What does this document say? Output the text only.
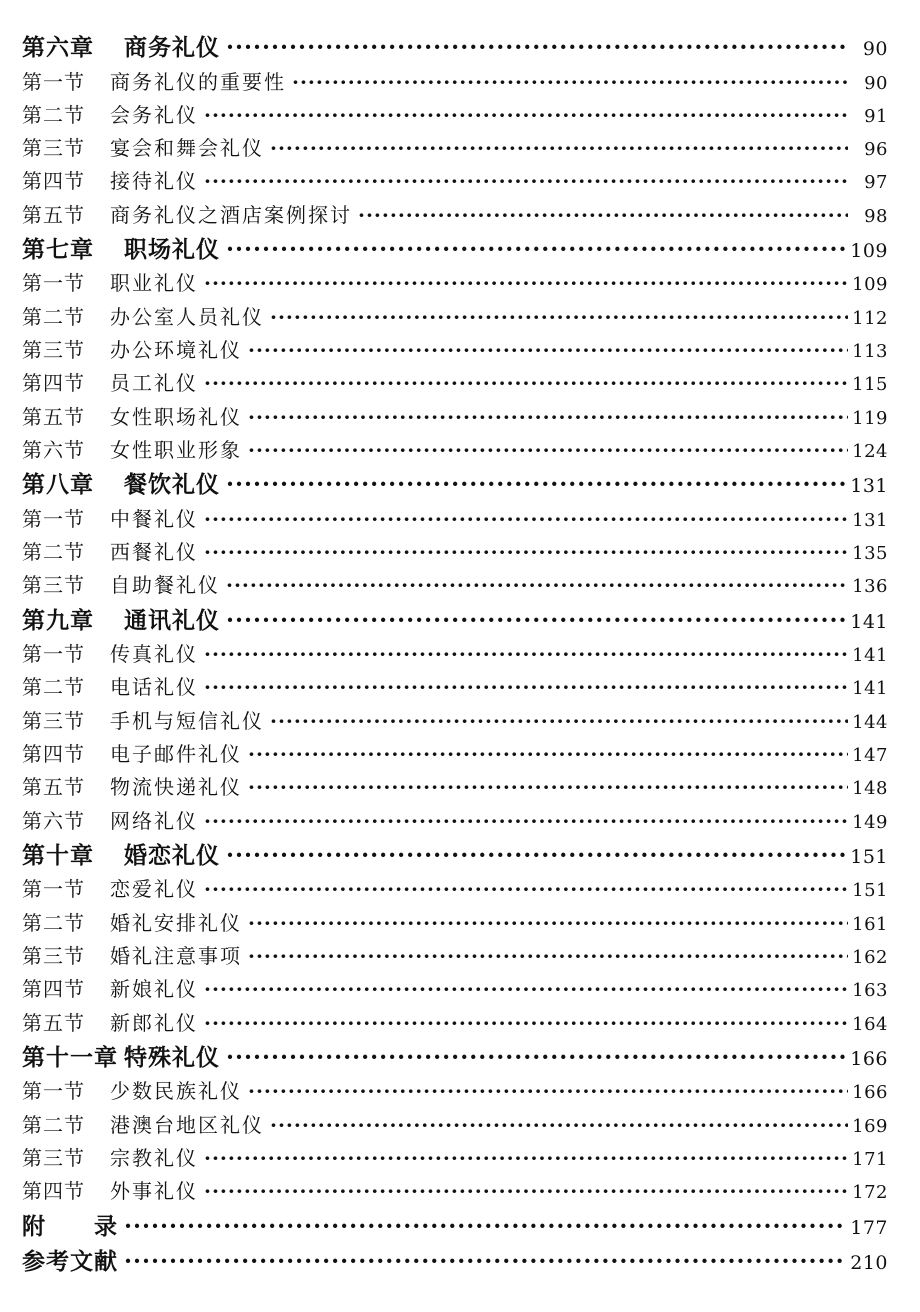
第六章	商务礼仪 ·····	90
第一节	商务礼仪的重要性 ·····	90
第二节	会务礼仪 ·····	91
第三节	宴会和舞会礼仪 ·····	96
第四节	接待礼仪 ·····	97
第五节	商务礼仪之酒店案例探讨 ·····	98
第七章	职场礼仪 ·····	109
第一节	职业礼仪 ·····	109
第二节	办公室人员礼仪 ·····	112
第三节	办公环境礼仪 ·····	113
第四节	员工礼仪 ·····	115
第五节	女性职场礼仪 ·····	119
第六节	女性职业形象 ·····	124
第八章	餐饮礼仪 ·····	131
第一节	中餐礼仪 ·····	131
第二节	西餐礼仪 ·····	135
第三节	自助餐礼仪 ·····	136
第九章	通讯礼仪 ·····	141
第一节	传真礼仪 ·····	141
第二节	电话礼仪 ·····	141
第三节	手机与短信礼仪 ·····	144
第四节	电子邮件礼仪 ·····	147
第五节	物流快递礼仪 ·····	148
第六节	网络礼仪 ·····	149
第十章	婚恋礼仪 ·····	151
第一节	恋爱礼仪 ·····	151
第二节	婚礼安排礼仪 ·····	161
第三节	婚礼注意事项 ·····	162
第四节	新娘礼仪 ·····	163
第五节	新郎礼仪 ·····	164
第十一章 特殊礼仪 ·····	166
第一节	少数民族礼仪 ·····	166
第二节	港澳台地区礼仪 ·····	169
第三节	宗教礼仪 ·····	171
第四节	外事礼仪 ·····	172
附　　录 ·····	177
参考文献 ·····	210
